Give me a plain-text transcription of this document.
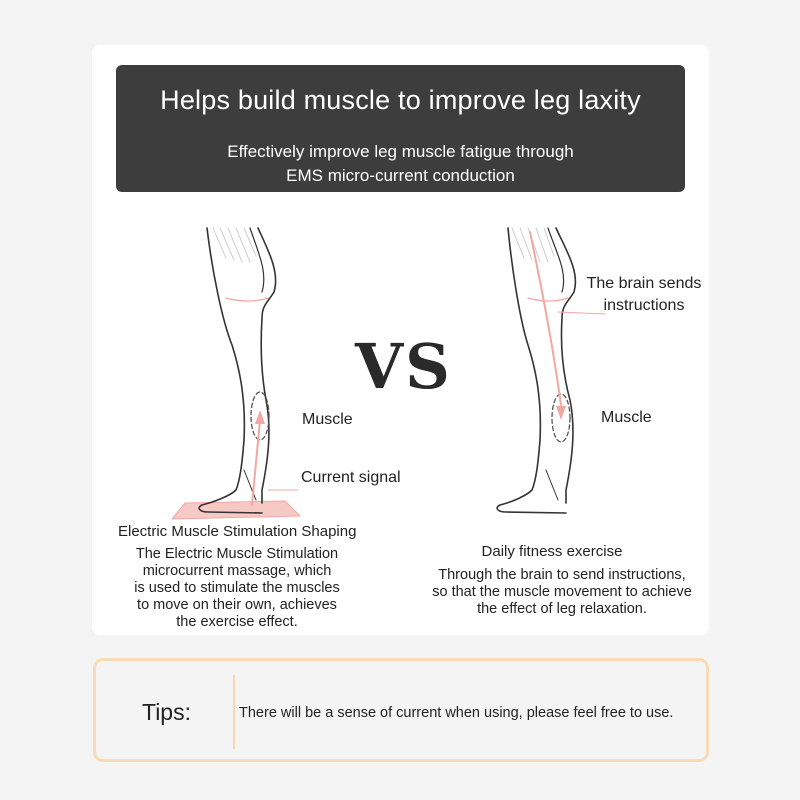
Helps build muscle to improve leg laxity
Effectively improve leg muscle fatigue through
EMS micro-current conduction
VS
Muscle
Current signal
Electric Muscle Stimulation Shaping
The Electric Muscle Stimulation
microcurrent massage, which
is used to stimulate the muscles
to move on their own, achieves
the exercise effect.
The brain sends
instructions
Muscle
Daily fitness exercise
Through the brain to send instructions,
so that the muscle movement to achieve
the effect of leg relaxation.
Tips:	There will be a sense of current when using, please feel free to use.
